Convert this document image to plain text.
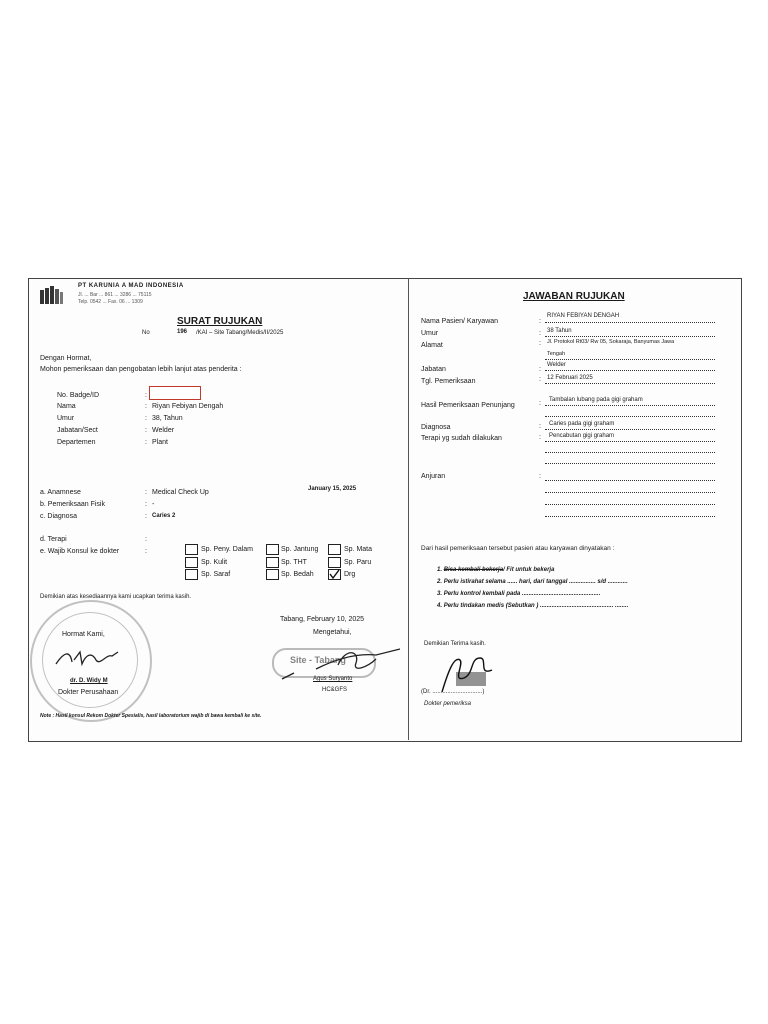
PT KARUNIA A MAD INDONESIA
Jl. ... Bar ... 861 ... 3286 ... 75115
Telp. 0542 ... Fax. 06 ... 1309
SURAT RUJUKAN
No	196 /KAI – Site Tabang/Medis/II/2025
Dengan Hormat,
Mohon pemeriksaan dan pengobatan lebih lanjut atas penderita :
No. Badge/ID	:
Nama	: Riyan Febiyan Dengah
Umur	: 38, Tahun
Jabatan/Sect	: Welder
Departemen	: Plant
January 15, 2025
a. Anamnese	: Medical Check Up
b. Pemeriksaan Fisik	: -
c. Diagnosa	: Caries 2
d. Terapi	:
e. Wajib Konsul ke dokter	:	Sp. Peny. Dalam	Sp. Jantung	Sp. Mata
Sp. Kulit	Sp. THT	Sp. Paru
Sp. Saraf	Sp. Bedah	Drg
Demikian atas kesediaannya kami ucapkan terima kasih.
Tabang, February 10, 2025
Mengetahui,
Hormat Kami,
dr. D. Widy M
Dokter Perusahaan
Site - Tabang
Agus Suryanto
HC&GFS
Note : Hasil konsul Rekom Dokter Spesialis, hasil laboratorium wajib di bawa kembali ke site.
JAWABAN RUJUKAN
Nama Pasien/ Karyawan	:
RIYAN FEBIYAN DENGAH
Umur	: 38 Tahun
Alamat	: Jl. Protokol Rt03/ Rw 05, Sokaraja, Banyumas Jawa
Tengah
Jabatan	:
Welder
Tgl. Pemeriksaan	: 12 Februari 2025
Hasil Pemeriksaan Penunjang	: Tambalan lubang pada gigi graham
Diagnosa	: Caries pada gigi graham
Terapi yg sudah dilakukan	: Pencabutan gigi graham
Anjuran	:
Dari hasil pemeriksaan tersebut pasien atau karyawan dinyatakan :
1. Bisa kembali bekerja/ Fit untuk bekerja
2. Perlu istirahat selama ...... hari, dari tanggal ................ s/d ............
3. Perlu kontrol kembali pada ...............................................
4. Perlu tindakan medis (Sebutkan ) ............................................ ........
Demikian Terima kasih.
(Dr. ..............................)
Dokter pemeriksa
